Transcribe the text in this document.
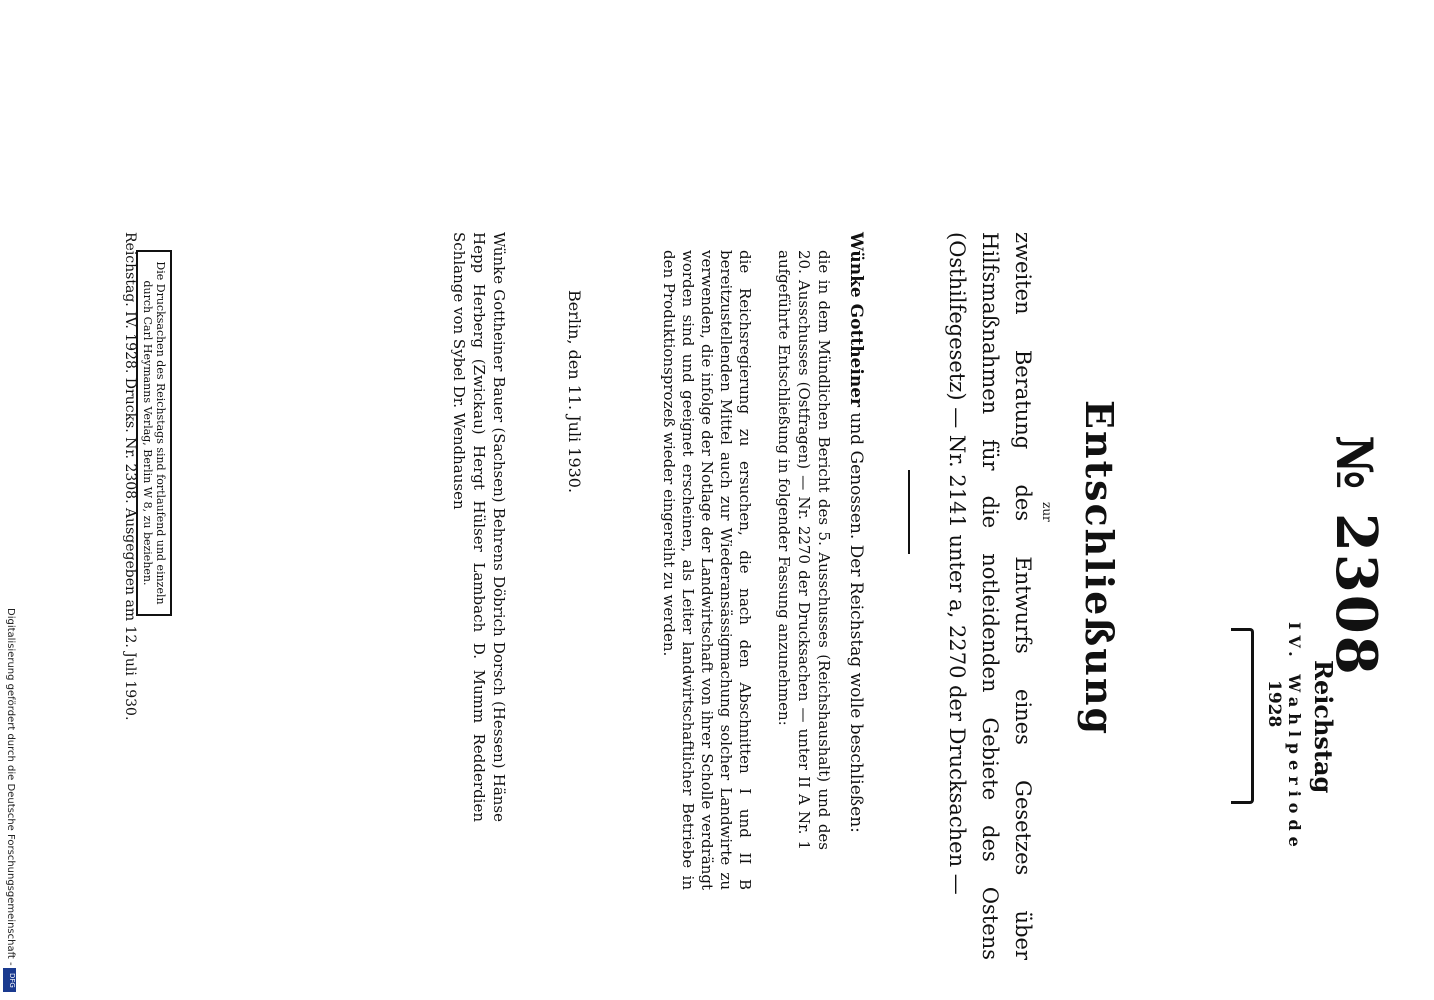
№ 2308
Reichstag
IV. Wahlperiode
1928
Entschließung
zur
zweiten Beratung des Entwurfs eines Gesetzes über Hilfsmaßnahmen für die notleidenden Gebiete des Ostens (Osthilfegesetz) — Nr. 2141 unter a, 2270 der Drucksachen —
Wünke Gottheiner und Genossen. Der Reichstag wolle beschließen:
die in dem Mündlichen Bericht des 5. Ausschusses (Reichshaushalt) und des 20. Ausschusses (Ostfragen) — Nr. 2270 der Drucksachen — unter II A Nr. 1 aufgeführte Entschließung in folgender Fassung anzunehmen:
die Reichsregierung zu ersuchen, die nach den Abschnitten I und II B bereitzustellenden Mittel auch zur Wiederansässigmachung solcher Landwirte zu verwenden, die infolge der Notlage der Landwirtschaft von ihrer Scholle verdrängt worden sind und geeignet erscheinen, als Leiter landwirtschaftlicher Betriebe in den Produktionsprozeß wieder eingereiht zu werden.
Berlin, den 11. Juli 1930.
Wünke Gottheiner Bauer (Sachsen) Behrens Döbrich Dorsch (Hessen) Hänse Hepp Herberg (Zwickau) Hergt Hülser Lambach D. Mumm Redderdien Schlange von Sybel Dr. Wendhausen
Die Drucksachen des Reichstags sind fortlaufend und einzeln durch Carl Heymanns Verlag, Berlin W 8, zu beziehen.
Reichstag. IV. 1928. Drucks. Nr. 2308. Ausgegeben am 12. Juli 1930.
Digitalisierung gefördert durch die Deutsche Forschungsgemeinschaft -
DFG
